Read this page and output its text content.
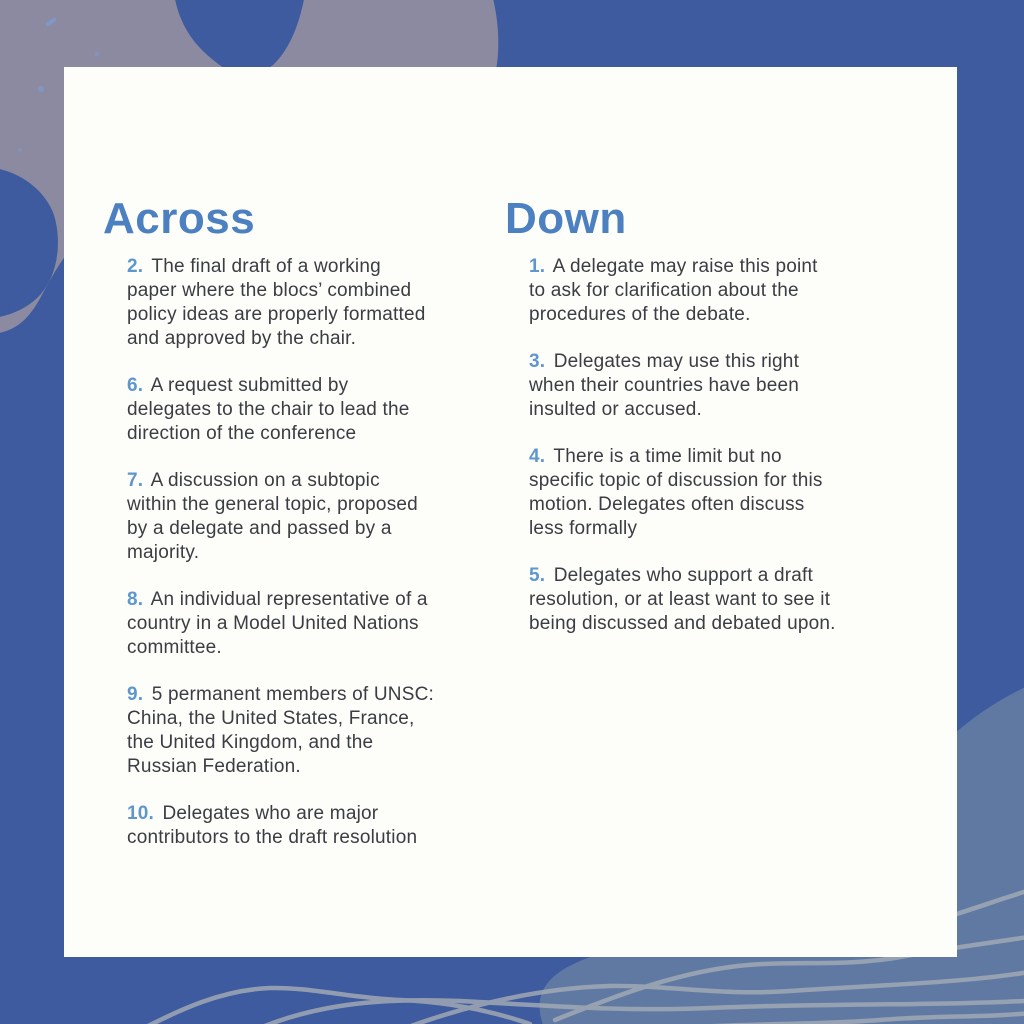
Across
2. The final draft of a working
paper where the blocs’ combined
policy ideas are properly formatted
and approved by the chair.
6. A request submitted by
delegates to the chair to lead the
direction of the conference
7. A discussion on a subtopic
within the general topic, proposed
by a delegate and passed by a
majority.
8. An individual representative of a
country in a Model United Nations
committee.
9. 5 permanent members of UNSC:
China, the United States, France,
the United Kingdom, and the
Russian Federation.
10. Delegates who are major
contributors to the draft resolution
Down
1. A delegate may raise this point
to ask for clarification about the
procedures of the debate.
3. Delegates may use this right
when their countries have been
insulted or accused.
4. There is a time limit but no
specific topic of discussion for this
motion. Delegates often discuss
less formally
5. Delegates who support a draft
resolution, or at least want to see it
being discussed and debated upon.
